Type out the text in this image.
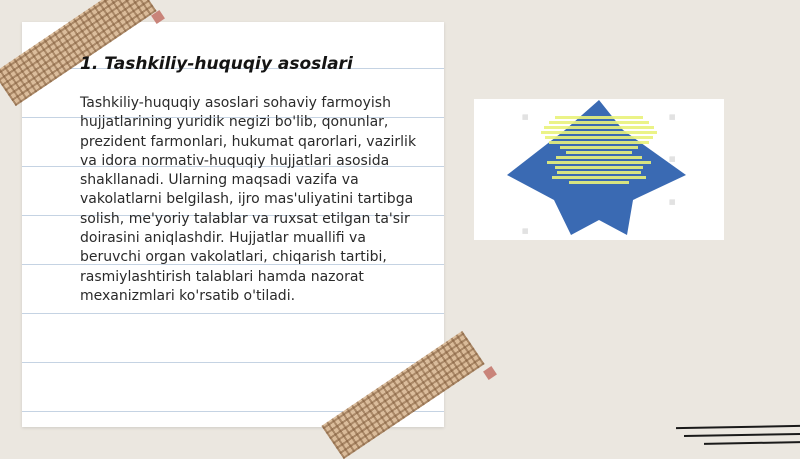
1. Tashkiliy-huquqiy asoslari

Tashkiliy-huquqiy asoslari sohaviy farmoyish hujjatlarining yuridik negizi bo'lib, qonunlar, prezident farmonlari, hukumat qarorlari, vazirlik va idora normativ-huquqiy hujjatlari asosida shakllanadi. Ularning maqsadi vazifa va vakolatlarni belgilash, ijro mas'uliyatini tartibga solish, me'yoriy talablar va ruxsat etilgan ta'sir doirasini aniqlashdir. Hujjatlar muallifi va beruvchi organ vakolatlari, chiqarish tartibi, rasmiylashtirish talablari hamda nazorat mexanizmlari ko'rsatib o'tiladi.

▦	▦
▦
▦
▦
